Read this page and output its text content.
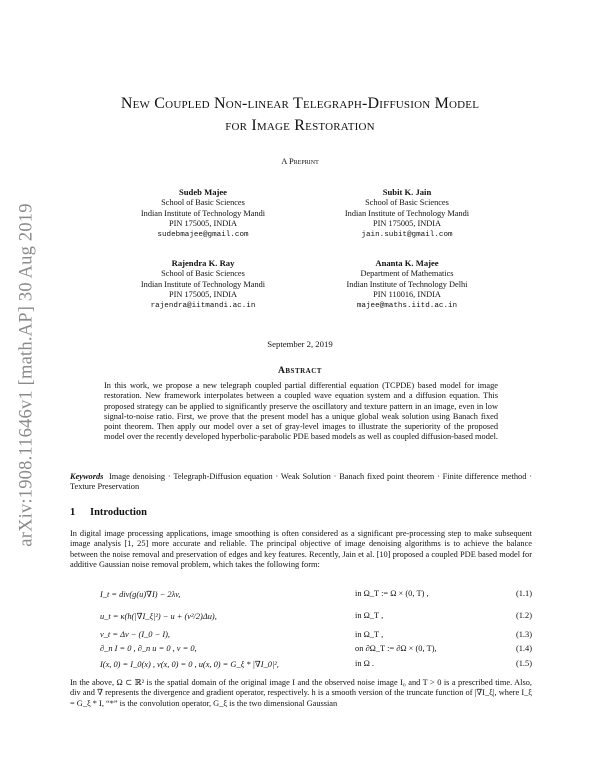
arXiv:1908.11646v1 [math.AP] 30 Aug 2019
New Coupled Non-linear Telegraph-Diffusion Model
for Image Restoration
A Preprint
Sudeb Majee
School of Basic Sciences
Indian Institute of Technology Mandi
PIN 175005, INDIA
sudebmajee@gmail.com
Subit K. Jain
School of Basic Sciences
Indian Institute of Technology Mandi
PIN 175005, INDIA
jain.subit@gmail.com
Rajendra K. Ray
School of Basic Sciences
Indian Institute of Technology Mandi
PIN 175005, INDIA
rajendra@iitmandi.ac.in
Ananta K. Majee
Department of Mathematics
Indian Institute of Technology Delhi
PIN 110016, INDIA
majee@maths.iitd.ac.in
September 2, 2019
Abstract
In this work, we propose a new telegraph coupled partial differential equation (TCPDE) based model for image restoration. New framework interpolates between a coupled wave equation system and a diffusion equation. This proposed strategy can be applied to significantly preserve the oscillatory and texture pattern in an image, even in low signal-to-noise ratio. First, we prove that the present model has a unique global weak solution using Banach fixed point theorem. Then apply our model over a set of gray-level images to illustrate the superiority of the proposed model over the recently developed hyperbolic-parabolic PDE based models as well as coupled diffusion-based model.
Keywords Image denoising · Telegraph-Diffusion equation · Weak Solution · Banach fixed point theorem · Finite difference method · Texture Preservation
1 Introduction
In digital image processing applications, image smoothing is often considered as a significant pre-processing step to make subsequent image analysis [1, 25] more accurate and reliable. The principal objective of image denoising algorithms is to achieve the balance between the noise removal and preservation of edges and key features. Recently, Jain et al. [10] proposed a coupled PDE based model for additive Gaussian noise removal problem, which takes the following form:
I_t = div(g(u)∇I) − 2λv,	in Ω_T := Ω × (0, T) ,	(1.1)
u_t = κ(h(|∇I_ξ|²) − u + (ν²/2)Δu),	in Ω_T ,	(1.2)
v_t = Δv − (I_0 − I),	in Ω_T ,	(1.3)
∂_n I = 0 , ∂_n u = 0 , v = 0,	on ∂Ω_T := ∂Ω × (0, T),	(1.4)
I(x, 0) = I_0(x) , v(x, 0) = 0 , u(x, 0) = G_ξ * |∇I_0|²,	in Ω .	(1.5)
In the above, Ω ⊂ ℝ² is the spatial domain of the original image I and the observed noise image I₀ and T > 0 is a prescribed time. Also, div and ∇ represents the divergence and gradient operator, respectively. h is a smooth version of the truncate function of |∇I_ξ|, where I_ξ = G_ξ * I, “*” is the convolution operator, G_ξ is the two dimensional Gaussian
